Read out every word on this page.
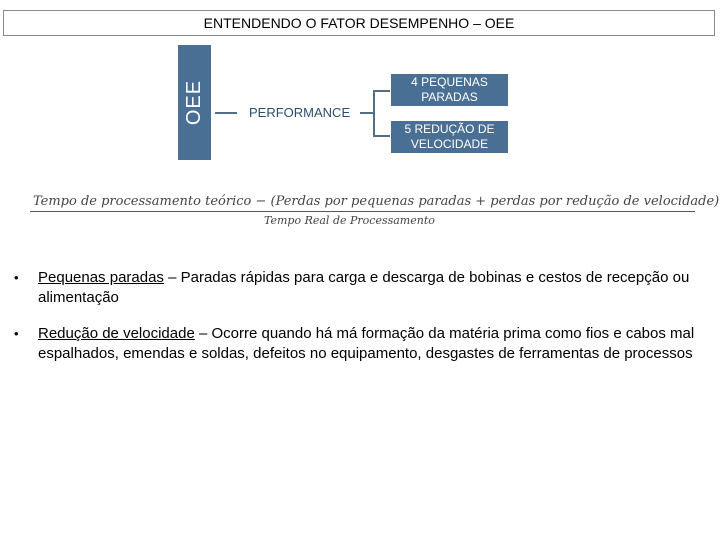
ENTENDENDO O FATOR DESEMPENHO – OEE
OEE	PERFORMANCE
4 PEQUENAS PARADAS
5 REDUÇÃO DE VELOCIDADE
Tempo de processamento teórico − (Perdas por pequenas paradas + perdas por redução de velocidade)
Tempo Real de Processamento
• Pequenas paradas – Paradas rápidas para carga e descarga de bobinas e cestos de recepção ou alimentação
• Redução de velocidade – Ocorre quando há má formação da matéria prima como fios e cabos mal espalhados, emendas e soldas, defeitos no equipamento, desgastes de ferramentas de processos
